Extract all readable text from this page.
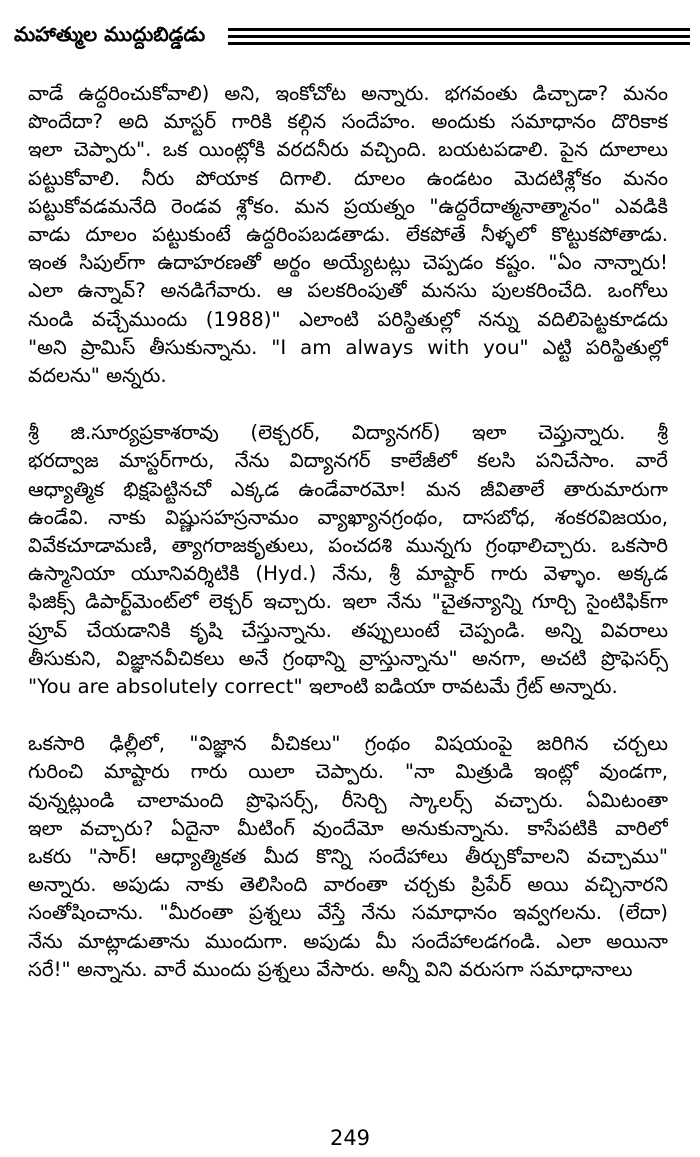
మహాత్ముల ముద్దుబిడ్డడు
వాడే ఉద్ధరించుకోవాలి) అని, ఇంకోచోట అన్నారు. భగవంతు డిచ్చాడా? మనం
పొందేదా? అది మాస్టర్ గారికి కల్గిన సందేహం. అందుకు సమాధానం దొరికాక
ఇలా చెప్పారు". ఒక యింట్లోకి వరదనీరు వచ్చింది. బయటపడాలి. పైన దూలాలు
పట్టుకోవాలి. నీరు పోయాక దిగాలి. దూలం ఉండటం మెదటిశ్లోకం మనం
పట్టుకోవడమనేది రెండవ శ్లోకం. మన ప్రయత్నం "ఉద్ధరేదాత్మనాత్మానం" ఎవడికి
వాడు దూలం పట్టుకుంటే ఉద్ధరింపబడతాడు. లేకపోతే నీళ్ళలో కొట్టుకపోతాడు.
ఇంత సిపుల్‌గా ఉదాహరణతో అర్థం అయ్యేటట్లు చెప్పడం కష్టం. "ఏం నాన్నారు!
ఎలా ఉన్నావ్? అనడిగేవారు. ఆ పలకరింపుతో మనసు పులకరించేది. ఒంగోలు
నుండి వచ్చేముందు (1988)" ఎలాంటి పరిస్థితుల్లో నన్ను వదిలిపెట్టకూడదు
"అని ప్రామిస్ తీసుకున్నాను. "I am always with you" ఎట్టి పరిస్థితుల్లో
వదలను" అన్నరు.
శ్రీ జి.సూర్యప్రకాశరావు (లెక్చరర్, విద్యానగర్) ఇలా చెప్తున్నారు. శ్రీ
భరద్వాజ మాస్టర్‌గారు, నేను విద్యానగర్ కాలేజీలో కలసి పనిచేసాం. వారే
ఆధ్యాత్మిక భిక్షపెట్టినచో ఎక్కడ ఉండేవారమో! మన జీవితాలే తారుమారుగా
ఉండేవి. నాకు విష్ణుసహస్రనామం వ్యాఖ్యానగ్రంథం, దాసబోధ, శంకరవిజయం,
వివేకచూడామణి, త్యాగరాజకృతులు, పంచదశి మున్నగు గ్రంథాలిచ్చారు. ఒకసారి
ఉస్మానియా యూనివర్శిటికి (Hyd.) నేను, శ్రీ మాష్టార్ గారు వెళ్ళాం. అక్కడ
ఫిజిక్స్ డిపార్ట్‌మెంట్‌లో లెక్చర్ ఇచ్చారు. ఇలా నేను "చైతన్యాన్ని గూర్చి సైంటిఫిక్‌గా
ప్రూవ్ చేయడానికి కృషి చేస్తున్నాను. తప్పులుంటే చెప్పండి. అన్ని వివరాలు
తీసుకుని, విజ్ఞానవీచికలు అనే గ్రంథాన్ని వ్రాస్తున్నాను" అనగా, అచటి ప్రొఫెసర్స్
"You are absolutely correct" ఇలాంటి ఐడియా రావటమే గ్రేట్ అన్నారు.
ఒకసారి ఢిల్లీలో, "విజ్ఞాన వీచికలు" గ్రంథం విషయంపై జరిగిన చర్చలు
గురించి మాష్టారు గారు యిలా చెప్పారు. "నా మిత్రుడి ఇంట్లో వుండగా,
వున్నట్లుండి చాలామంది ప్రొఫెసర్స్, రీసెర్చి స్కాలర్స్ వచ్చారు. ఏమిటంతా
ఇలా వచ్చారు? ఏదైనా మీటింగ్ వుందేమో అనుకున్నాను. కాసేపటికి వారిలో
ఒకరు "సార్! ఆధ్యాత్మికత మీద కొన్ని సందేహాలు తీర్చుకోవాలని వచ్చాము"
అన్నారు. అపుడు నాకు తెలిసింది వారంతా చర్చకు ప్రిపేర్ అయి వచ్చినారని
సంతోషించాను. "మీరంతా ప్రశ్నలు వేస్తే నేను సమాధానం ఇవ్వగలను. (లేదా)
నేను మాట్లాడుతాను ముందుగా. అపుడు మీ సందేహాలడగండి. ఎలా అయినా
సరే!" అన్నాను. వారే ముందు ప్రశ్నలు వేసారు. అన్నీ విని వరుసగా సమాధానాలు
249
